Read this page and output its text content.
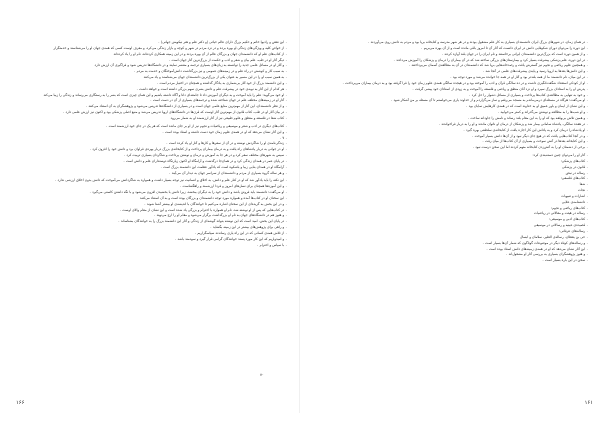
۰ این نقص و رادیوا خاتم و حکیم بزرگ دارای عالم حیاتی (و دکتر علم و هنر نیکویش جهانی) ۰
۰ از خواص کلیه و ویژگی‌های زندگی او بهره برده و در نزد مردم در شهر و کوچه و بازار زندگی می‌کرد، و معرف اوست کسی که همه‌ی جهان او را می‌شناسند و خدمتگزار
۰ از کتاب‌های علم او که دانشمندان جهان و بزرگان عالم از آن بهره بردند و در این زمینه همکاری کرده‌اند، نام او را یاد کرده‌اند
۰ دیگر آثار او در طب، علم بیان و شعر و ادب و حکمت از بزرگ‌ترین آثار جهان است ۰
۰ و آثار او در مسائل علمی جدید را توانسته به زبان‌های بسیاری ترجمه و منتشر نمایند و در دانشگاه‌ها تدریس شود و فراگیری آن ارزش دارد
۰ به سبب کار و کوشش در راه علم و در زمینه‌های عمومی و نیز بزرگداشت دانش‌آموختگان و خدمت به مردم ۰
۰ به همین سبب او را در این مسیر به عنوان یکی از بزرگ‌ترین دانشمندان جهان می‌شناسند و یاد می‌کنند
۰ و این دانشمند بزرگ از خود آثار بی‌شماری به یادگار گذاشته و همچنان در اختیار مردم است ۰
۰ هر کدام از این آثار به نوبه‌ی خود در پیشرفت علم و دانش بشری سهم بزرگی داشته است و خواهد داشت ۰
۰ او خود می‌گوید: علم را باید آموخت و به دیگران آموزش داد تا جامعه‌ای دانا و آگاه داشته باشیم و این همان چیزی است که بشر را به رستگاری می‌رساند و زندگی را زیبا می‌کند
۰ آثار او در زمینه‌های مختلف علم در جهان شناخته شده و ترجمه‌های بسیاری از آن در دست است ۰
۰ و از نظر دانشمندان، این آثار از مهم‌ترین منابع علمی جهان است و در بسیاری از دانشگاه‌ها تدریس می‌شود و پژوهشگران به آن استناد می‌کنند ۰
۰ در بیان آثار او در طب، کتاب قانون از مهم‌ترین آثار اوست که قرن‌ها در دانشگاه‌های اروپا تدریس می‌شد و منبع اصلی پزشکی بود و اکنون نیز ارزش علمی دارد ۰
۰ کتاب شفا در فلسفه و منطق و علوم طبیعی نیز از آثار ارزشمند او به شمار می‌رود
۰ کتاب‌های دیگری در ادب و شعر و موسیقی و ریاضیات و نجوم نیز از او بر جای مانده است که هر یک در جای خود ارزشمند است ۰
۰ و این آثار نشان می‌دهد که او در همه‌ی علوم زمان خود دست داشته و استاد بوده است ۰
۰ ۷ ۰
۰ زندگی‌نامه‌ی او را شاگردش نوشته و در آن از سفرها و کارها و آثار او یاد کرده است ۰
۰ او در جوانی به دربار پادشاهان راه یافت و به درمان بیماران پرداخت و از کتابخانه‌ی بزرگ دربار بهره‌ی فراوان برد و دانش خود را افزون کرد ۰
۰ سپس به شهرهای مختلف سفر کرد و در هر جا به آموزش و درمان و نوشتن پرداخت و شاگردان بسیاری تربیت کرد ۰
۰ در پایان عمر در همدان زندگی کرد و در همان‌جا درگذشت و آرامگاه او اکنون زیارتگاه دوستداران علم و دانش است ۰
۰ آرامگاه او در همدان بنایی زیبا و باشکوه است که یادآور عظمت این دانشمند بزرگ است ۰
۰ و هر ساله گروه بسیاری از مردم و دانشمندان از سراسر جهان به دیدار آن می‌آیند ۰
۰ این نکته را باید یادآور شد که او در کنار علم و دانش، به اخلاق و انسانیت نیز توجه بسیار داشت و همواره به شاگردانش می‌آموخت که دانش بدون اخلاق ارزشی ندارد ۰
۰ و این آموزه‌ها همچنان برای نسل‌های امروز و فردا ارزشمند و راهگشاست ۰
۰ او می‌گفت: دانشمند باید فروتن باشد و دانش خود را به دیگران ببخشد، زیرا دانش با بخشیدن افزون می‌شود و با نگه داشتن کاستی می‌گیرد ۰
۰ این سخنان او در کتاب‌ها آمده و همواره مورد توجه دانشمندان و بزرگان بوده است و به آن استناد می‌کنند
۰ و در این بخش به گزیده‌ای از این سخنان اشاره می‌کنیم تا خوانندگان با اندیشه‌ی او بیشتر آشنا شوند ۰
۰ در کتاب‌هایی که پس از او نوشته شد، نام او همواره با احترام و بزرگی یاد شده است و این نشان از مقام والای اوست ۰
۰ و هنوز هم در دانشگاه‌های جهان به نام او بزرگداشت برگزار می‌شود و مقام او را ارج می‌نهند ۰
۰ در پایان این بخش، امید است که این نوشته بتواند گوشه‌ای از زندگی و آثار این دانشمند بزرگ را به خوانندگان بشناساند ۰
۰ و راهی برای پژوهش‌های بیشتر در این زمینه بگشاید ۰
۰ از تلاش همه‌ی کسانی که در این راه یاری رساندند سپاسگزاریم ۰
۰ و امیدواریم که این کار مورد پسند خوانندگان گرامی قرار گیرد و سودمند باشد ۰
۰ با سپاس و احترام ۰
۷۰
۱۶۶
۰ در همان زمان، در شهرهای بزرگ ایران دانشمندان بسیاری به کار علم مشغول بودند و در هر شهر مدرسه و کتابخانه برپا بود و مردم به دانش روی می‌آوردند ۰
۰ این دوره را می‌توان دوران شکوفایی دانش در ایران دانست که آثار آن تا امروز باقی مانده است و از آن بهره می‌بریم ۰
۰ و از همین دوره است که بزرگ‌ترین دانشمندان ایرانی برخاستند و نام ایران را در جهان بلند آوازه کردند ۰
۰ در این دوره، علم پزشکی پیشرفت بسیار کرد و بیمارستان‌های بزرگی ساخته شد که در آن بیماران را درمان و پزشکان را آموزش می‌دادند ۰
۰ و همچنین علوم ریاضی و نجوم نیز گسترش یافت و رصدخانه‌هایی برپا شد که دانشمندان در آن به مطالعه‌ی آسمان می‌پرداختند ۰
۰ و این دانش‌ها بعدها به اروپا رسید و پایه‌ی پیشرفت‌های علمی در آنجا شد ۰
۰ در این میان، نام دانشمند ما از همه بلندتر بود و آثار او در همه جا خوانده می‌شد و مورد توجه بود ۰
۰ او از کودکی استعداد شگفت‌انگیزی داشت و در ده سالگی قرآن و ادب را آموخته بود و در هیجده سالگی همه‌ی علوم زمان خود را فرا گرفته بود و به درمان بیماران می‌پرداخت ۰
۰ پدرش او را به استادان بزرگ سپرد و او نزد آنان منطق و ریاضی و فلسفه را آموخت و به زودی از استادان خود پیشی گرفت ۰
۰ و خود به تنهایی به مطالعه‌ی کتاب‌ها پرداخت و بسیاری از مسائل دشوار را حل کرد ۰
۰ او می‌گفت: هرگاه در مسئله‌ای درمی‌ماندم به مسجد می‌رفتم و نماز می‌گزاردم و از خداوند یاری می‌خواستم تا آن مسئله بر من آشکار شود ۰
۰ و این نشان از ایمان و باور عمیق او به خداوند است که در همه‌ی کارهایش نمایان بود ۰
۰ و او شب‌ها را به مطالعه و نوشتن می‌گذراند و کمتر می‌خوابید ۰
۰ و همین تلاش بی‌وقفه بود که او را به این مقام بلند رساند و نامش را جاودانه ساخت ۰
۰ در هفده سالگی، پادشاه سامانی بیمار شد و پزشکان از درمان او ناتوان ماندند و او را به دربار فراخواندند ۰
۰ او پادشاه را درمان کرد و به پاداش این کار اجازه یافت از کتابخانه‌ی سلطنتی بهره گیرد ۰
۰ و در آنجا کتاب‌هایی یافت که در هیچ جای دیگر نبود و از آن‌ها دانش بسیار آموخت ۰
۰ و این کتابخانه بعدها در آتش سوخت و بسیاری از آن کتاب‌ها از میان رفت ۰
۰ برخی از دشمنان او را به آتش‌زدن کتابخانه متهم کردند اما این سخن درست نبود ۰
۰ آثار او را می‌توان چنین دسته‌بندی کرد:
۰ کتاب‌های پزشکی:
۰ قانون در پزشکی
۰ رساله در نبض
۰ کتاب‌های فلسفی:
۰ شفا
۰ نجات
۰ اشارات و تنبیهات
۰ دانشنامه‌ی علایی
۰ کتاب‌های ریاضی و نجوم:
۰ رساله در هیئت و مقالاتی در ریاضیات
۰ کتاب‌های ادبی و موسیقی:
۰ قصیده‌ی عینیه و رسالاتی در موسیقی
۰ رساله‌های عرفانی:
۰ حی بن یقظان، رساله‌ی الطیر، سلامان و ابسال
۰ و رساله‌های کوتاه دیگر در موضوعات گوناگون که شمار آن‌ها بسیار است ۰
۰ این آثار نشان می‌دهد که او در همه‌ی زمینه‌های دانش استاد بوده است ۰
۰ و هنوز پژوهشگران بسیاری به بررسی آثار او مشغول‌اند ۰
۰ سخن در این باره بسیار است ۰
۱۶۱
